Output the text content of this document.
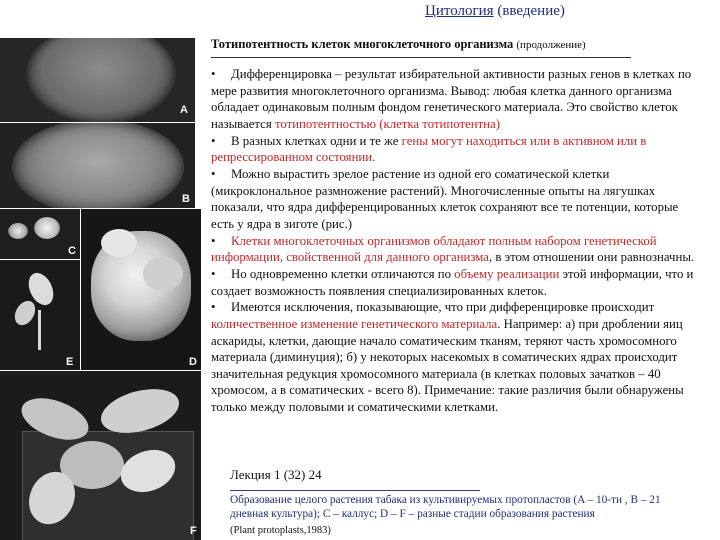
Цитология (введение)
Тотипотентность клеток многоклеточного организма (продолжение)
A
B
C
E	D
F

• Дифференцировка – результат избирательной активности разных генов в клетках по мере развития многоклеточного организма. Вывод: любая клетка данного организма обладает одинаковым полным фондом генетического материала. Это свойство клеток называется тотипотентностью (клетка тотипотентна)

• В разных клетках одни и те же гены могут находиться или в активном или в репрессированном состоянии.

• Можно вырастить зрелое растение из одной его соматической клетки (микроклональное размножение растений). Многочисленные опыты на лягушках показали, что ядра дифференцированных клеток сохраняют все те потенции, которые есть у ядра в зиготе (рис.)

• Клетки многоклеточных организмов обладают полным набором генетической информации, свойственной для данного организма, в этом отношении они равнозначны.

• Но одновременно клетки отличаются по объему реализации этой информации, что и создает возможность появления специализированных клеток.

• Имеются исключения, показывающие, что при дифференцировке происходит количественное изменение генетического материала. Например: а) при дроблении яиц аскариды, клетки, дающие начало соматическим тканям, теряют часть хромосомного материала (диминуция); б) у некоторых насекомых в соматических ядрах происходит значительная редукция хромосомного материала (в клетках половых зачатков – 40 хромосом, а в соматических - всего 8). Примечание: такие различия были обнаружены только между половыми и соматическими клетками.

Лекция 1 (32) 24
Образование целого растения табака из культивируемых протопластов (A – 10-ти , B – 21 дневная культура); C – каллус; D – F – разные стадии образования растения
(Plant protoplasts,1983)
